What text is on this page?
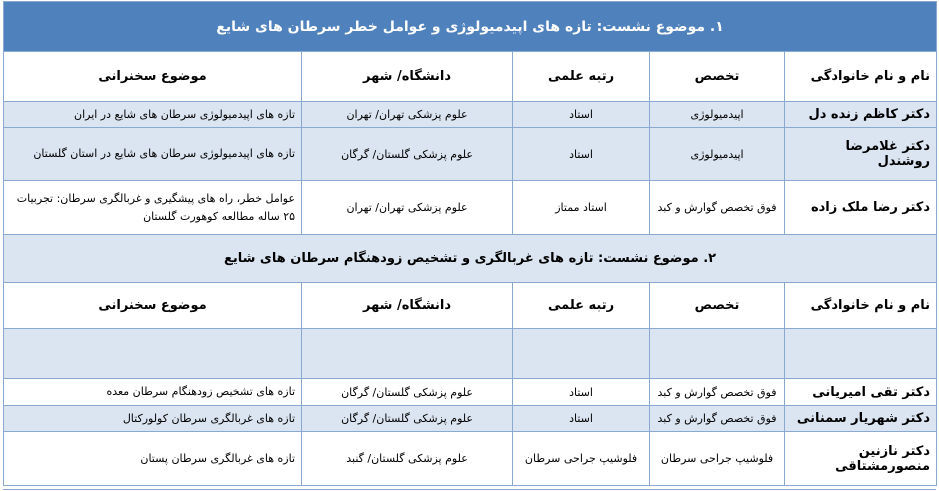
۱. موضوع نشست: تازه های اپیدمیولوژی و عوامل خطر سرطان های شایع				
نام و نام خانوادگی	تخصص	رتبه علمی	دانشگاه/ شهر	موضوع سخنرانی
دکتر کاظم زنده دل	اپیدمیولوژی	استاد	علوم پزشکی تهران/ تهران	تازه های اپیدمیولوژی سرطان های شایع در ایران
دکتر غلامرضا روشندل	اپیدمیولوژی	استاد	علوم پزشکی گلستان/ گرگان	تازه های اپیدمیولوژی سرطان های شایع در استان گلستان
دکتر رضا ملک زاده	فوق تخصص گوارش و کبد	استاد ممتاز	علوم پزشکی تهران/ تهران	عوامل خطر، راه های پیشگیری و غربالگری سرطان: تجربیات ۲۵ ساله مطالعه کوهورت گلستان
۲. موضوع نشست: تازه های غربالگری و تشخیص زودهنگام سرطان های شایع				
نام و نام خانوادگی	تخصص	رتبه علمی	دانشگاه/ شهر	موضوع سخنرانی

دکتر تقی امیریانی	فوق تخصص گوارش و کبد	استاد	علوم پزشکی گلستان/ گرگان	تازه های تشخیص زودهنگام سرطان معده
دکتر شهریار سمنانی	فوق تخصص گوارش و کبد	استاد	علوم پزشکی گلستان/ گرگان	تازه های غربالگری سرطان کولورکتال
دکتر نازنین منصورمشتاقی	فلوشیپ جراحی سرطان	فلوشیپ جراحی سرطان	علوم پزشکی گلستان/ گنبد	تازه های غربالگری سرطان پستان
